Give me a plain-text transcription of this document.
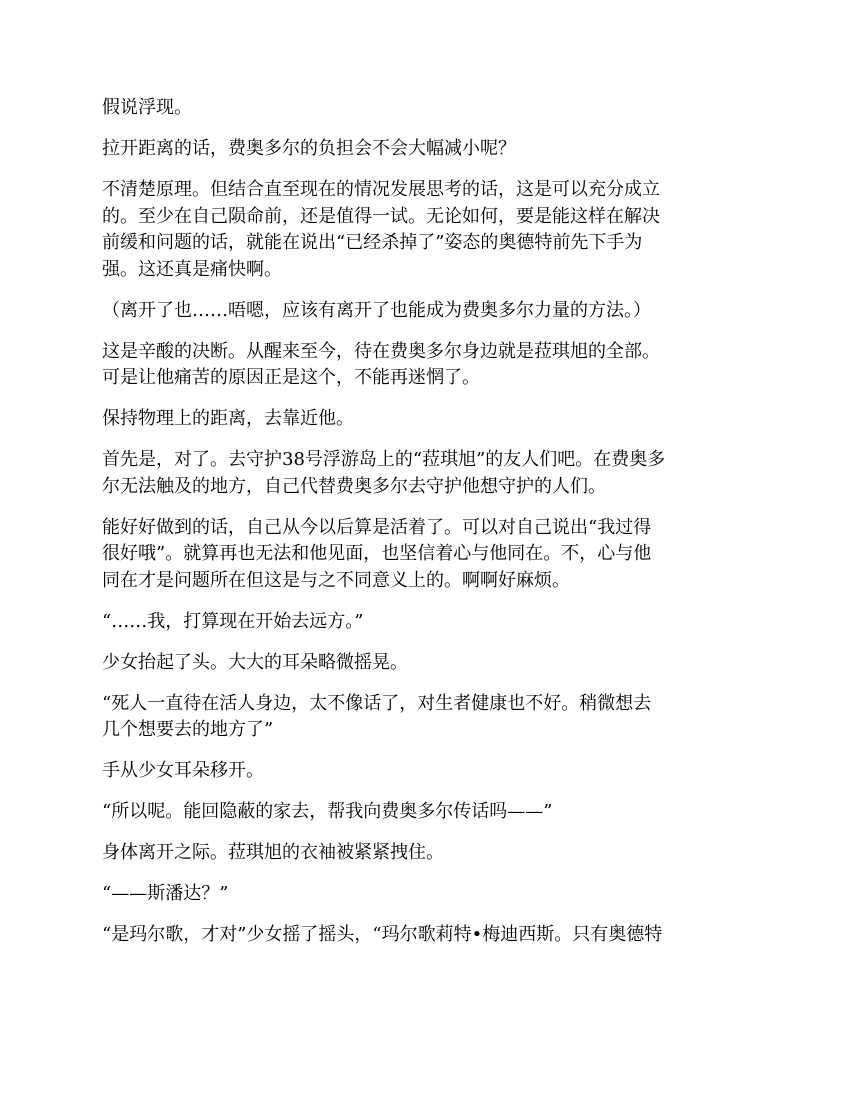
假说浮现。

拉开距离的话，费奥多尔的负担会不会大幅减小呢？

不清楚原理。但结合直至现在的情况发展思考的话，这是可以充分成立
的。至少在自己陨命前，还是值得一试。无论如何，要是能这样在解决
前缓和问题的话，就能在说出“已经杀掉了”姿态的奥德特前先下手为
强。这还真是痛快啊。

（离开了也……唔嗯，应该有离开了也能成为费奥多尔力量的方法。）

这是辛酸的决断。从醒来至今，待在费奥多尔身边就是菈琪旭的全部。
可是让他痛苦的原因正是这个，不能再迷惘了。

保持物理上的距离，去靠近他。

首先是，对了。去守护38号浮游岛上的“菈琪旭”的友人们吧。在费奥多
尔无法触及的地方，自己代替费奥多尔去守护他想守护的人们。

能好好做到的话，自己从今以后算是活着了。可以对自己说出“我过得
很好哦”。就算再也无法和他见面，也坚信着心与他同在。不，心与他
同在才是问题所在但这是与之不同意义上的。啊啊好麻烦。

“……我，打算现在开始去远方。”

少女抬起了头。大大的耳朵略微摇晃。

“死人一直待在活人身边，太不像话了，对生者健康也不好。稍微想去
几个想要去的地方了”

手从少女耳朵移开。

“所以呢。能回隐蔽的家去，帮我向费奥多尔传话吗——”

身体离开之际。菈琪旭的衣袖被紧紧拽住。

“——斯潘达？”

“是玛尔歌，才对”少女摇了摇头，“玛尔歌莉特•梅迪西斯。只有奥德特
